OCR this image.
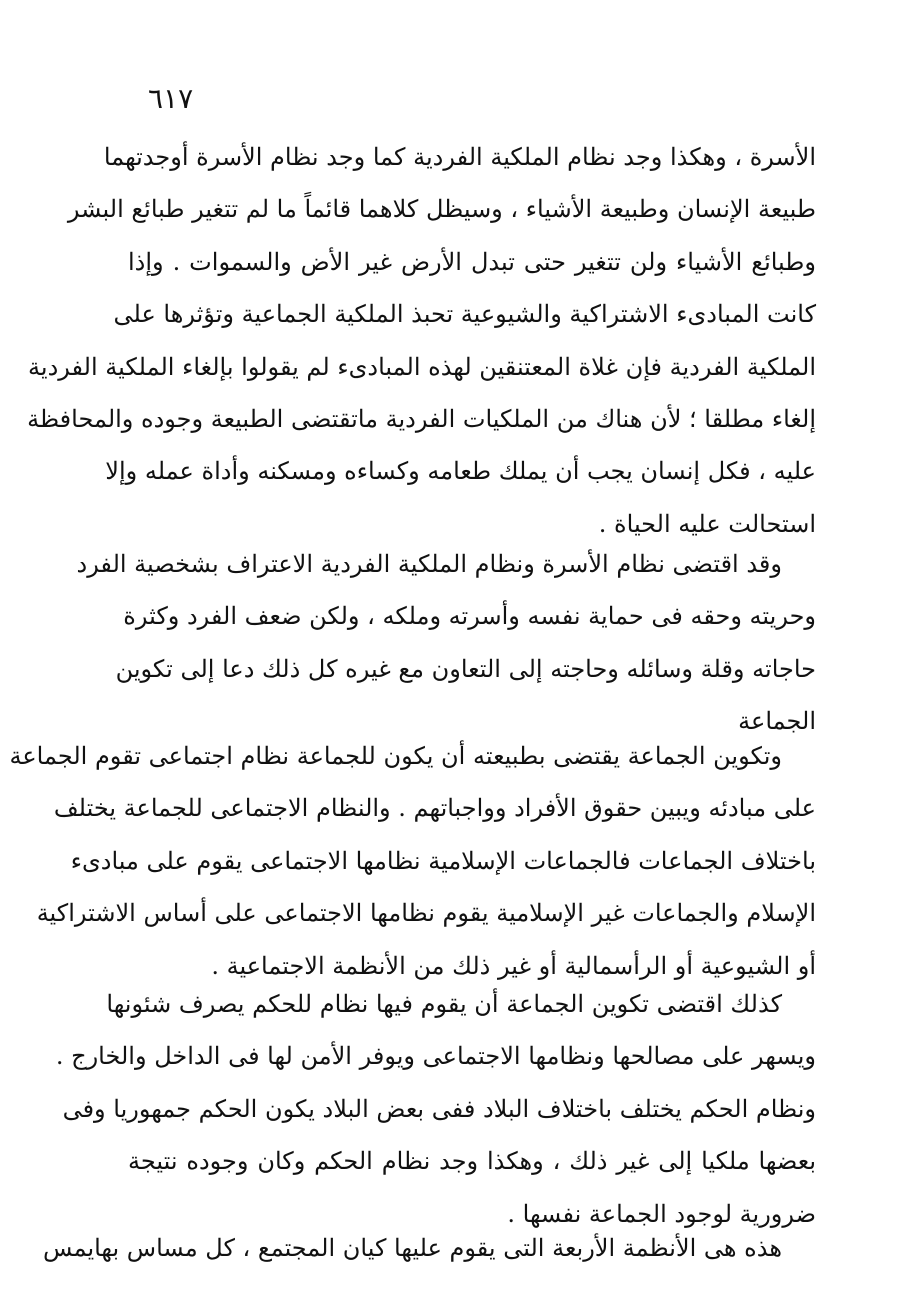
٦١٧
الأسرة ، وهكذا وجد نظام الملكية الفردية كما وجد نظام الأسرة أوجدتهما
طبيعة الإنسان وطبيعة الأشياء ، وسيظل كلاهما قائماً ما لم تتغير طبائع البشر
وطبائع الأشياء ولن تتغير حتى تبدل الأرض غير الأض والسموات . وإذا
كانت المبادىء الاشتراكية والشيوعية تحبذ الملكية الجماعية وتؤثرها على
الملكية الفردية فإن غلاة المعتنقين لهذه المبادىء لم يقولوا بإلغاء الملكية الفردية
إلغاء مطلقا ؛ لأن هناك من الملكيات الفردية ماتقتضى الطبيعة وجوده والمحافظة
عليه ، فكل إنسان يجب أن يملك طعامه وكساءه ومسكنه وأداة عمله وإلا
استحالت عليه الحياة .
وقد اقتضى نظام الأسرة ونظام الملكية الفردية الاعتراف بشخصية الفرد
وحريته وحقه فى حماية نفسه وأسرته وملكه ، ولكن ضعف الفرد وكثرة
حاجاته وقلة وسائله وحاجته إلى التعاون مع غيره كل ذلك دعا إلى تكوين
الجماعة
وتكوين الجماعة يقتضى بطبيعته أن يكون للجماعة نظام اجتماعى تقوم الجماعة
على مبادئه ويبين حقوق الأفراد وواجباتهم . والنظام الاجتماعى للجماعة يختلف
باختلاف الجماعات فالجماعات الإسلامية نظامها الاجتماعى يقوم على مبادىء
الإسلام والجماعات غير الإسلامية يقوم نظامها الاجتماعى على أساس الاشتراكية
أو الشيوعية أو الرأسمالية أو غير ذلك من الأنظمة الاجتماعية .
كذلك اقتضى تكوين الجماعة أن يقوم فيها نظام للحكم يصرف شئونها
ويسهر على مصالحها ونظامها الاجتماعى ويوفر الأمن لها فى الداخل والخارج .
ونظام الحكم يختلف باختلاف البلاد ففى بعض البلاد يكون الحكم جمهوريا وفى
بعضها ملكيا إلى غير ذلك ، وهكذا وجد نظام الحكم وكان وجوده نتيجة
ضرورية لوجود الجماعة نفسها .
هذه هى الأنظمة الأربعة التى يقوم عليها كيان المجتمع ، كل مساس بهايمس
